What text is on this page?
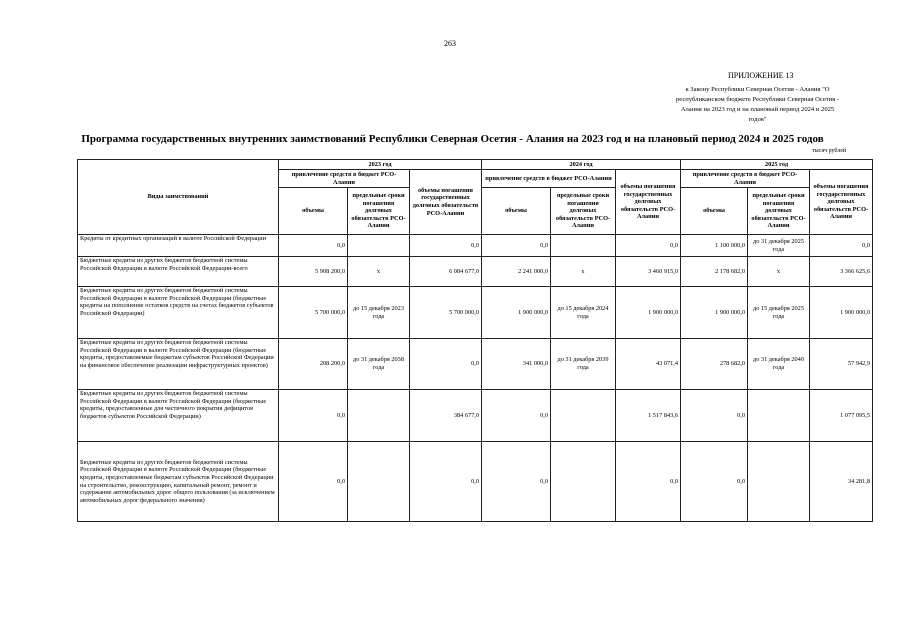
263
ПРИЛОЖЕНИЕ 13
к Закону Республики Северная Осетия - Алания "О
республиканском бюджете Республики Северная Осетия -
Алания на 2023 год и на плановый период 2024 и 2025
годов"
Программа государственных внутренних заимствований Республики Северная Осетия - Алания на 2023 год и на плановый период 2024 и 2025 годов
тысяч рублей
Виды заимствований	2023 год			2024 год			2025 год		
	привлечение средств в бюджет РСО-Алании		объемы погашения государственных долговых обязательств РСО-Алании	привлечение средств в бюджет РСО-Алании		объемы погашения государственных долговых обязательств РСО-Алании	привлечение средств в бюджет РСО-Алании		объемы погашения государственных долговых обязательств РСО-Алании
	объемы	предельные сроки погашения долговых обязательств РСО-Алании		объемы	предельные сроки погашения долговых обязательств РСО-Алании		объемы	предельные сроки погашения долговых обязательств РСО-Алании	
Кредиты от кредитных организаций в валюте Российской Федерации	0,0		0,0	0,0		0,0	1 100 000,0	до 31 декабря 2025 года	0,0
Бюджетные кредиты из других бюджетов бюджетной системы Российской Федерации в валюте Российской Федерации-всего	5 908 200,0	х	6 084 677,0	2 241 000,0	х	3 460 915,0	2 178 682,0	х	3 366 625,6
Бюджетные кредиты из других бюджетов бюджетной системы Российской Федерации в валюте Российской Федерации (бюджетные кредиты на пополнение остатков средств на счетах бюджетов субъектов Российской Федерации)	5 700 000,0	до 15 декабря 2023 года	5 700 000,0	1 900 000,0	до 15 декабря 2024 года	1 900 000,0	1 900 000,0	до 15 декабря 2025 года	1 900 000,0
Бюджетные кредиты из других бюджетов бюджетной системы Российской Федерации в валюте Российской Федерации (бюджетные кредиты, предоставляемые бюджетам субъектов Российской Федерации на финансовое обеспечение реализации инфраструктурных проектов)	208 200,0	до 31 декабря 2038 года	0,0	341 000,0	до 31 декабря 2039 года	43 071,4	278 682,0	до 31 декабря 2040 года	57 942,9
Бюджетные кредиты из других бюджетов бюджетной системы Российской Федерации в валюте Российской Федерации (бюджетные кредиты, предоставленные для частичного покрытия дефицитов бюджетов субъектов Российской Федерации)	0,0		384 677,0	0,0		1 517 843,6	0,0		1 077 095,5
Бюджетные кредиты из других бюджетов бюджетной системы Российской Федерации в валюте Российской Федерации (бюджетные кредиты, предоставленные бюджетам субъектов Российской Федерации на строительство, реконструкцию, капитальный ремонт, ремонт и содержание автомобильных дорог общего пользования (за исключением автомобильных дорог федерального значения)	0,0		0,0	0,0		0,0	0,0		34 281,8
